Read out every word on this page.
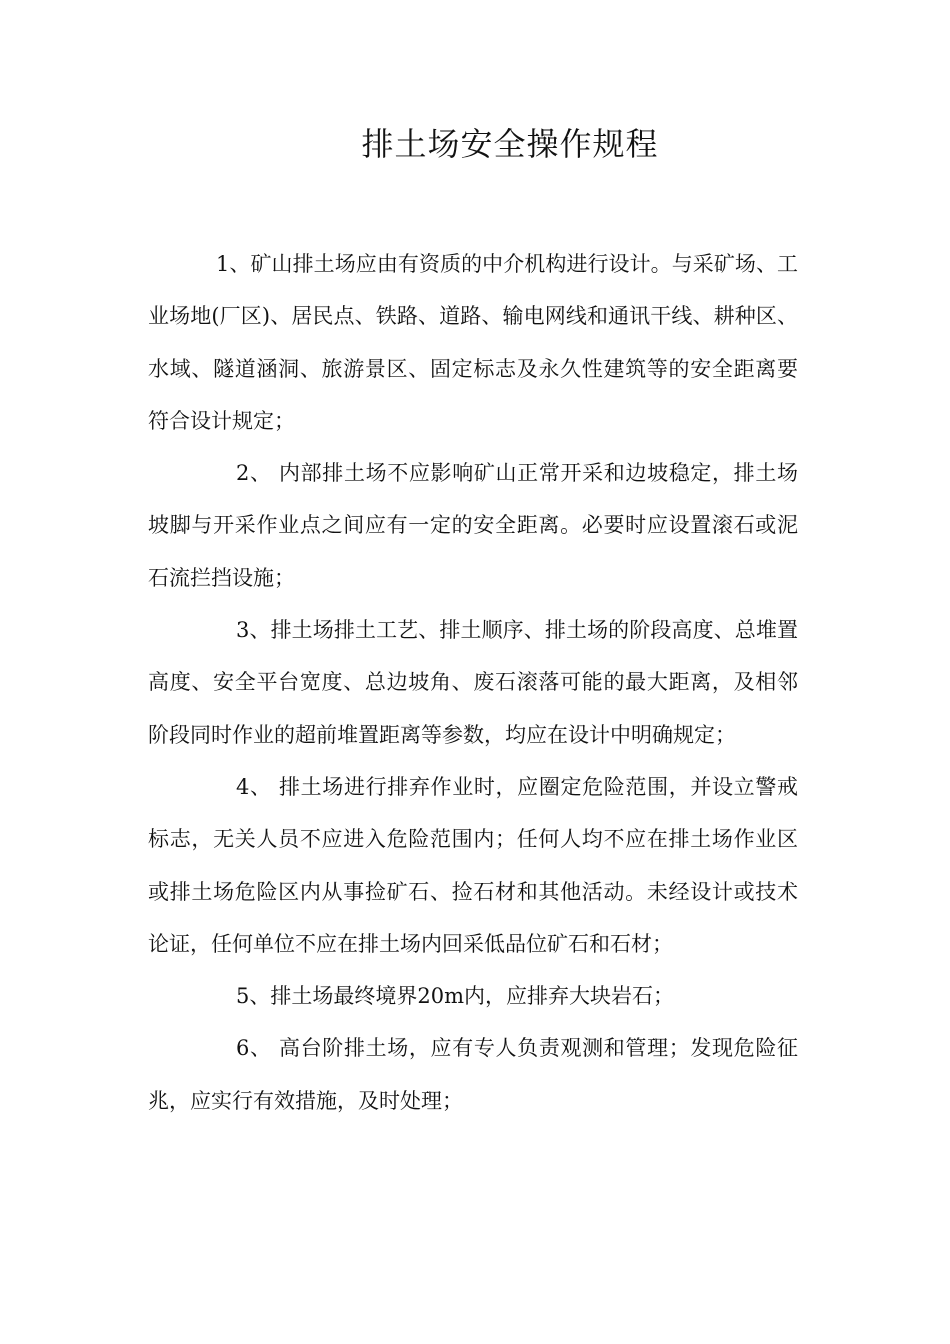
排土场安全操作规程

1、矿山排土场应由有资质的中介机构进行设计。与采矿场、工业场地(厂区)、居民点、铁路、道路、输电网线和通讯干线、耕种区、水域、隧道涵洞、旅游景区、固定标志及永久性建筑等的安全距离要符合设计规定；

2、 内部排土场不应影响矿山正常开采和边坡稳定，排土场坡脚与开采作业点之间应有一定的安全距离。必要时应设置滚石或泥石流拦挡设施；

3、排土场排土工艺、排土顺序、排土场的阶段高度、总堆置高度、安全平台宽度、总边坡角、废石滚落可能的最大距离，及相邻阶段同时作业的超前堆置距离等参数，均应在设计中明确规定；

4、 排土场进行排弃作业时，应圈定危险范围，并设立警戒标志，无关人员不应进入危险范围内；任何人均不应在排土场作业区或排土场危险区内从事捡矿石、捡石材和其他活动。未经设计或技术论证，任何单位不应在排土场内回采低品位矿石和石材；

5、排土场最终境界20m内，应排弃大块岩石；

6、 高台阶排土场，应有专人负责观测和管理；发现危险征兆，应实行有效措施，及时处理；
